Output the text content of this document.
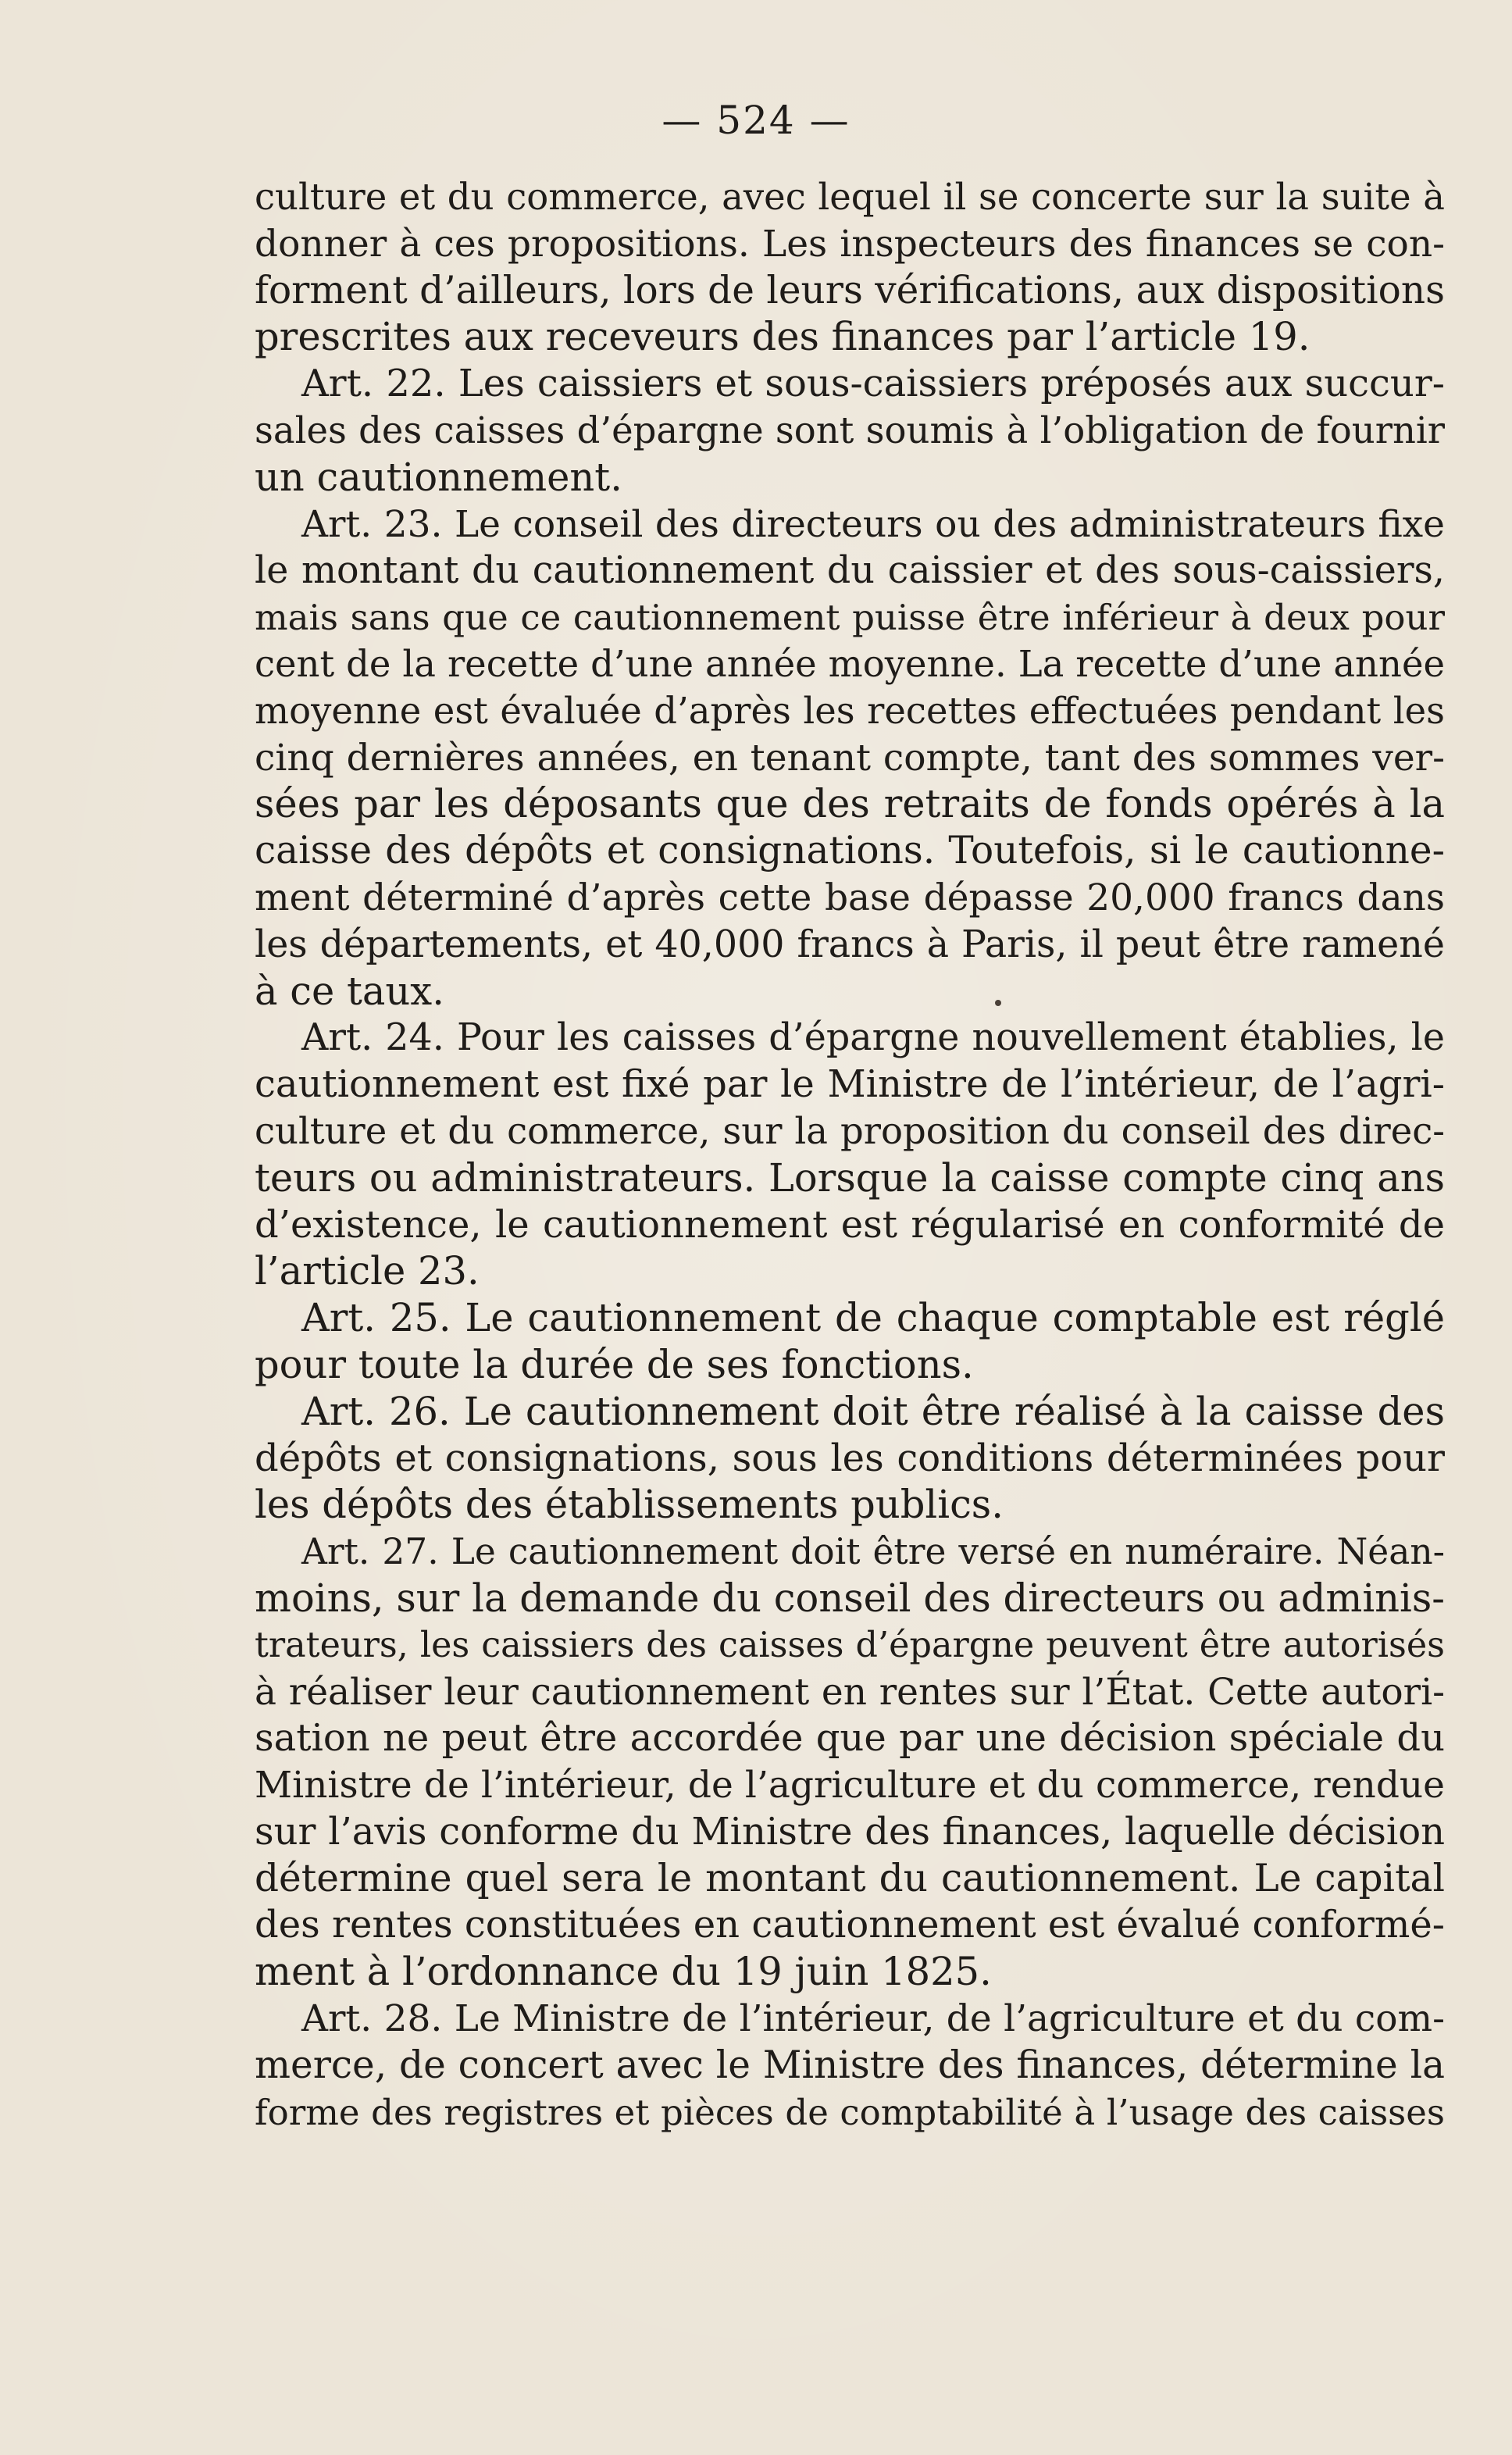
— 524 —
culture et du commerce, avec lequel il se concerte sur la suite à
donner à ces propositions. Les inspecteurs des finances se con-
forment d’ailleurs, lors de leurs vérifications, aux dispositions
prescrites aux receveurs des finances par l’article 19.
Art. 22. Les caissiers et sous-caissiers préposés aux succur-
sales des caisses d’épargne sont soumis à l’obligation de fournir
un cautionnement.
Art. 23. Le conseil des directeurs ou des administrateurs fixe
le montant du cautionnement du caissier et des sous-caissiers,
mais sans que ce cautionnement puisse être inférieur à deux pour
cent de la recette d’une année moyenne. La recette d’une année
moyenne est évaluée d’après les recettes effectuées pendant les
cinq dernières années, en tenant compte, tant des sommes ver-
sées par les déposants que des retraits de fonds opérés à la
caisse des dépôts et consignations. Toutefois, si le cautionne-
ment déterminé d’après cette base dépasse 20,000 francs dans
les départements, et 40,000 francs à Paris, il peut être ramené
à ce taux.
Art. 24. Pour les caisses d’épargne nouvellement établies, le
cautionnement est fixé par le Ministre de l’intérieur, de l’agri-
culture et du commerce, sur la proposition du conseil des direc-
teurs ou administrateurs. Lorsque la caisse compte cinq ans
d’existence, le cautionnement est régularisé en conformité de
l’article 23.
Art. 25. Le cautionnement de chaque comptable est réglé
pour toute la durée de ses fonctions.
Art. 26. Le cautionnement doit être réalisé à la caisse des
dépôts et consignations, sous les conditions déterminées pour
les dépôts des établissements publics.
Art. 27. Le cautionnement doit être versé en numéraire. Néan-
moins, sur la demande du conseil des directeurs ou adminis-
trateurs, les caissiers des caisses d’épargne peuvent être autorisés
à réaliser leur cautionnement en rentes sur l’État. Cette autori-
sation ne peut être accordée que par une décision spéciale du
Ministre de l’intérieur, de l’agriculture et du commerce, rendue
sur l’avis conforme du Ministre des finances, laquelle décision
détermine quel sera le montant du cautionnement. Le capital
des rentes constituées en cautionnement est évalué conformé-
ment à l’ordonnance du 19 juin 1825.
Art. 28. Le Ministre de l’intérieur, de l’agriculture et du com-
merce, de concert avec le Ministre des finances, détermine la
forme des registres et pièces de comptabilité à l’usage des caisses
